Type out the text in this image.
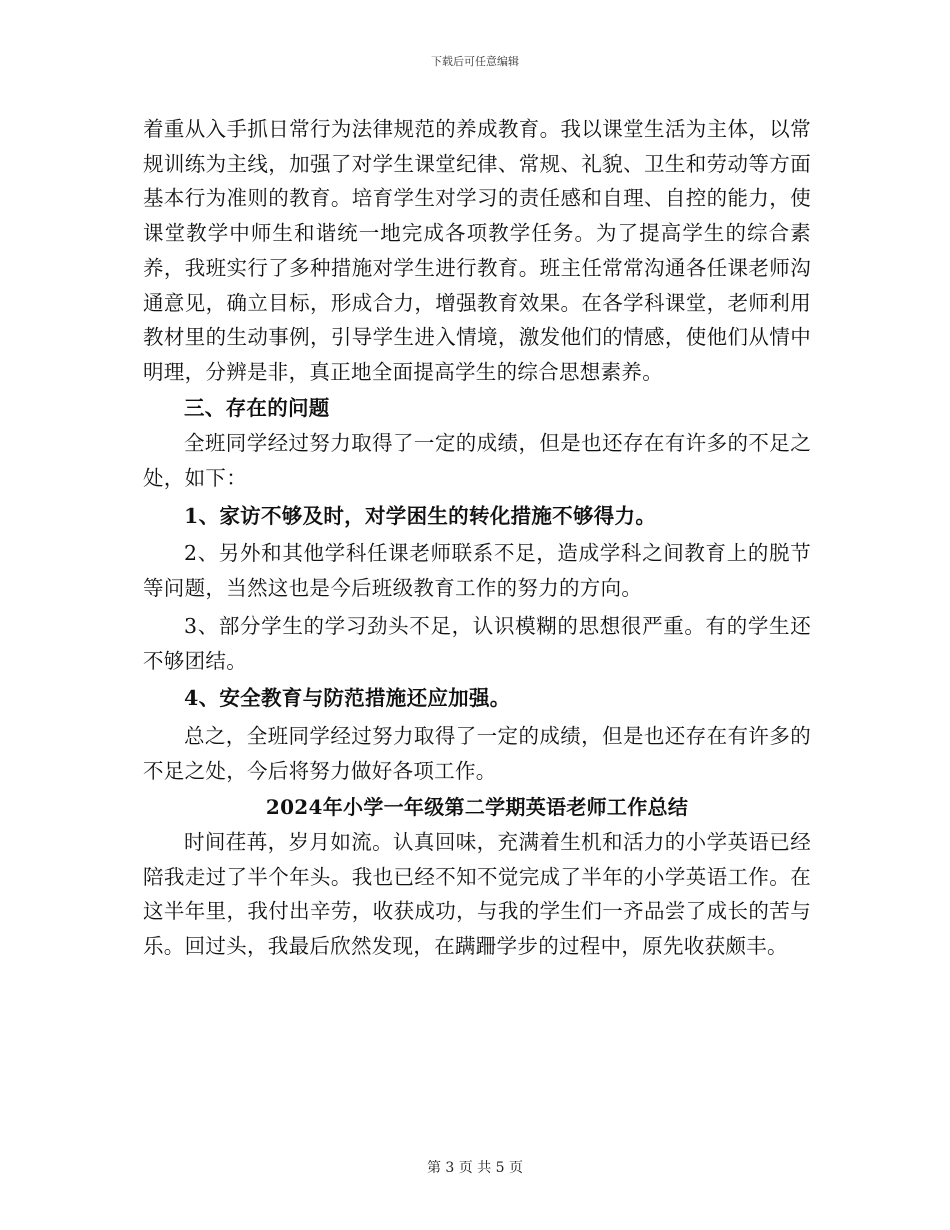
下载后可任意编辑

着重从入手抓日常行为法律规范的养成教育。我以课堂生活为主体，以常规训练为主线，加强了对学生课堂纪律、常规、礼貌、卫生和劳动等方面基本行为准则的教育。培育学生对学习的责任感和自理、自控的能力，使课堂教学中师生和谐统一地完成各项教学任务。为了提高学生的综合素养，我班实行了多种措施对学生进行教育。班主任常常沟通各任课老师沟通意见，确立目标，形成合力，增强教育效果。在各学科课堂，老师利用教材里的生动事例，引导学生进入情境，激发他们的情感，使他们从情中明理，分辨是非，真正地全面提高学生的综合思想素养。

三、存在的问题

全班同学经过努力取得了一定的成绩，但是也还存在有许多的不足之处，如下：

1、家访不够及时，对学困生的转化措施不够得力。

2、另外和其他学科任课老师联系不足，造成学科之间教育上的脱节等问题，当然这也是今后班级教育工作的努力的方向。

3、部分学生的学习劲头不足，认识模糊的思想很严重。有的学生还不够团结。

4、安全教育与防范措施还应加强。

总之，全班同学经过努力取得了一定的成绩，但是也还存在有许多的不足之处，今后将努力做好各项工作。

2024年小学一年级第二学期英语老师工作总结

时间荏苒，岁月如流。认真回味，充满着生机和活力的小学英语已经陪我走过了半个年头。我也已经不知不觉完成了半年的小学英语工作。在这半年里，我付出辛劳，收获成功，与我的学生们一齐品尝了成长的苦与乐。回过头，我最后欣然发现，在蹒跚学步的过程中，原先收获颇丰。

第 3 页 共 5 页
